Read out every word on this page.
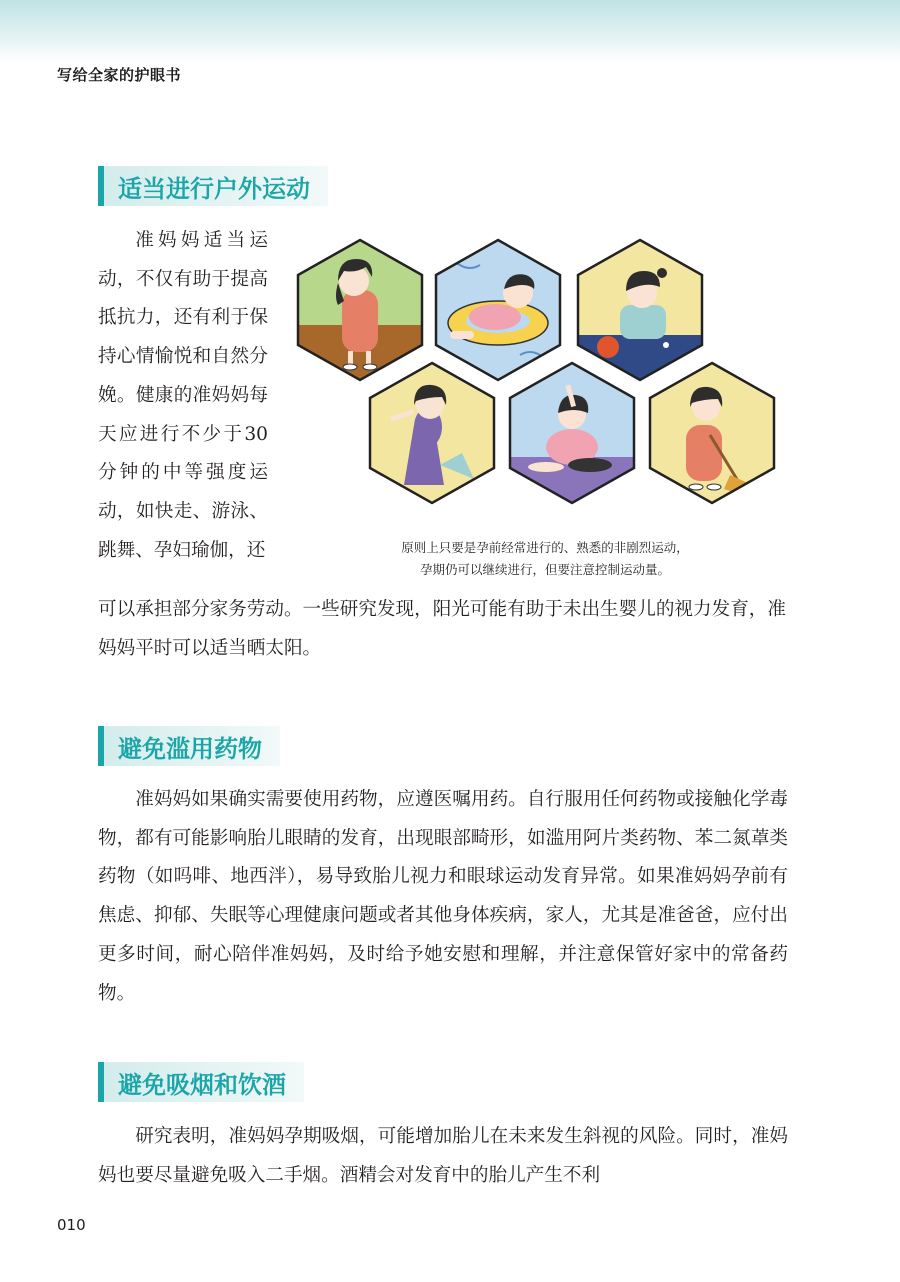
写给全家的护眼书
适当进行户外运动

准妈妈适当运动，不仅有助于提高抵抗力，还有利于保持心情愉悦和自然分娩。健康的准妈妈每天应进行不少于30分钟的中等强度运动，如快走、游泳、跳舞、孕妇瑜伽，还	原则上只要是孕前经常进行的、熟悉的非剧烈运动，
孕期仍可以继续进行，但要注意控制运动量。

可以承担部分家务劳动。一些研究发现，阳光可能有助于未出生婴儿的视力发育，准妈妈平时可以适当晒太阳。

避免滥用药物

准妈妈如果确实需要使用药物，应遵医嘱用药。自行服用任何药物或接触化学毒物，都有可能影响胎儿眼睛的发育，出现眼部畸形，如滥用阿片类药物、苯二氮䓬类药物（如吗啡、地西泮），易导致胎儿视力和眼球运动发育异常。如果准妈妈孕前有焦虑、抑郁、失眠等心理健康问题或者其他身体疾病，家人，尤其是准爸爸，应付出更多时间，耐心陪伴准妈妈，及时给予她安慰和理解，并注意保管好家中的常备药物。

避免吸烟和饮酒

研究表明，准妈妈孕期吸烟，可能增加胎儿在未来发生斜视的风险。同时，准妈妈也要尽量避免吸入二手烟。酒精会对发育中的胎儿产生不利

010
